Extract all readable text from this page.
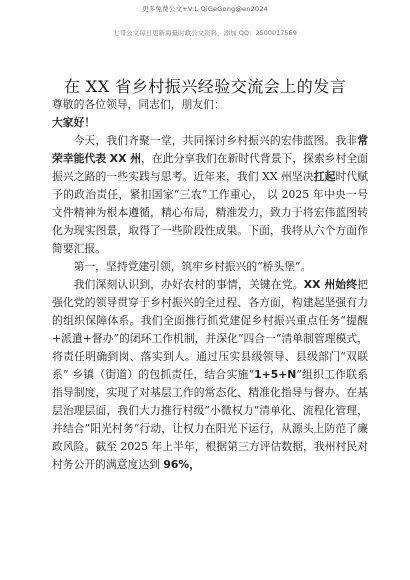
更多免费公文+V:L QiGeGong@en2024
七哥公文每日更新海量时政公文资料，添加 QQ：2500017569
在 XX 省乡村振兴经验交流会上的发言

尊敬的各位领导，同志们，朋友们：

大家好！

今天，我们齐聚一堂，共同探讨乡村振兴的宏伟蓝图。我非常荣幸能代表 XX 州，在此分享我们在新时代背景下，探索乡村全面振兴之路的一些实践与思考。近年来，我们 XX 州坚决扛起时代赋予的政治责任，紧扣国家“三农”工作重心， 以 2025 年中央一号文件精神为根本遵循，精心布局，精准发力，致力于将宏伟蓝图转化为现实图景，取得了一些阶段性成果。下面，我将从六个方面作简要汇报。

第一，坚持党建引领，筑牢乡村振兴的“桥头堡”。

我们深刻认识到，办好农村的事情，关键在党。XX 州始终把强化党的领导贯穿于乡村振兴的全过程、各方面，构建起坚强有力的组织保障体系。我们全面推行抓党建促乡村振兴重点任务“提醒+派遣+督办”的闭环工作机制，并深化”四合一“清单制管理模式，将责任明确到岗、落实到人。通过压实县级领导、县级部门“双联系” 乡镇（街道）的包抓责任，结合实施“1+5+N”组织工作联系指导制度，实现了对基层工作的常态化、精准化指导与督办。在基层治理层面，我们大力推行村级”小微权力“清单化、流程化管理，并结合”阳光村务“行动，让权力在阳光下运行，从源头上防范了廉政风险。截至 2025 年上半年，根据第三方评估数据，我州村民对村务公开的满意度达到 96%，
